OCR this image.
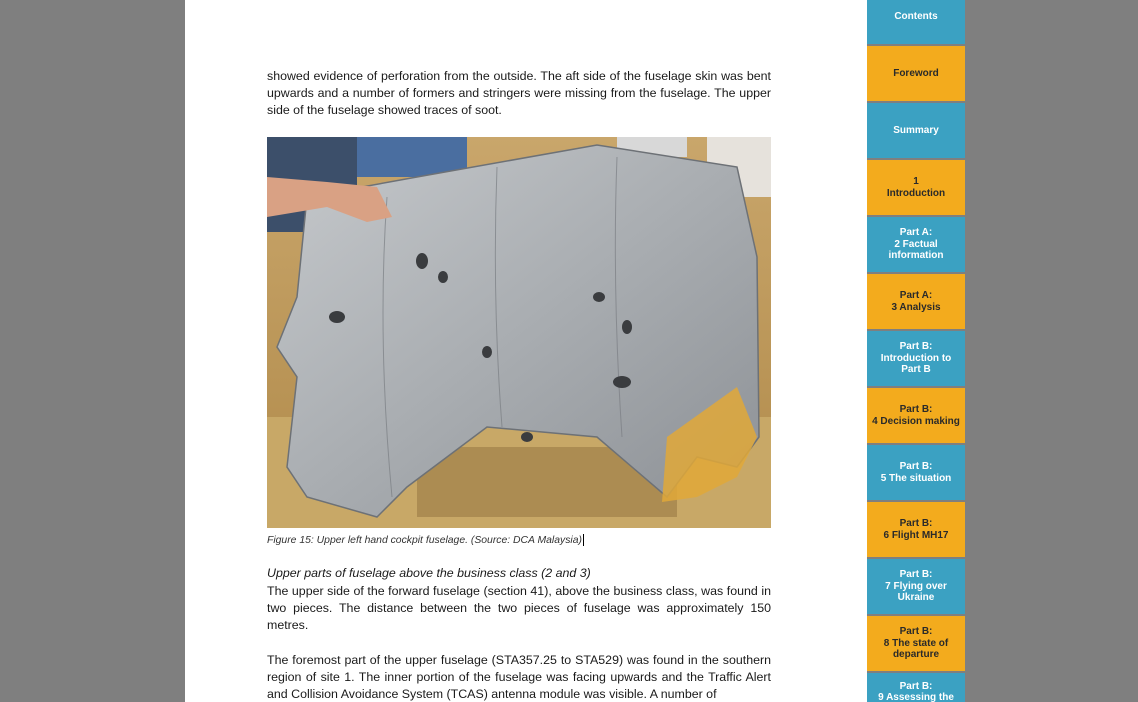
showed evidence of perforation from the outside. The aft side of the fuselage skin was bent upwards and a number of formers and stringers were missing from the fuselage. The upper side of the fuselage showed traces of soot.

Figure 15: Upper left hand cockpit fuselage. (Source: DCA Malaysia)
Upper parts of fuselage above the business class (2 and 3)

The upper side of the forward fuselage (section 41), above the business class, was found in two pieces. The distance between the two pieces of fuselage was approximately 150 metres.

The foremost part of the upper fuselage (STA357.25 to STA529) was found in the southern region of site 1. The inner portion of the fuselage was facing upwards and the Traffic Alert and Collision Avoidance System (TCAS) antenna module was visible. A number of

Contents
Foreword
Summary
1
Introduction
Part A:
2 Factual
information
Part A:
3 Analysis
Part B:
Introduction to
Part B
Part B:
4 Decision making
Part B:
5 The situation
Part B:
6 Flight MH17
Part B:
7 Flying over
Ukraine
Part B:
8 The state of
departure
Part B:
9 Assessing the
